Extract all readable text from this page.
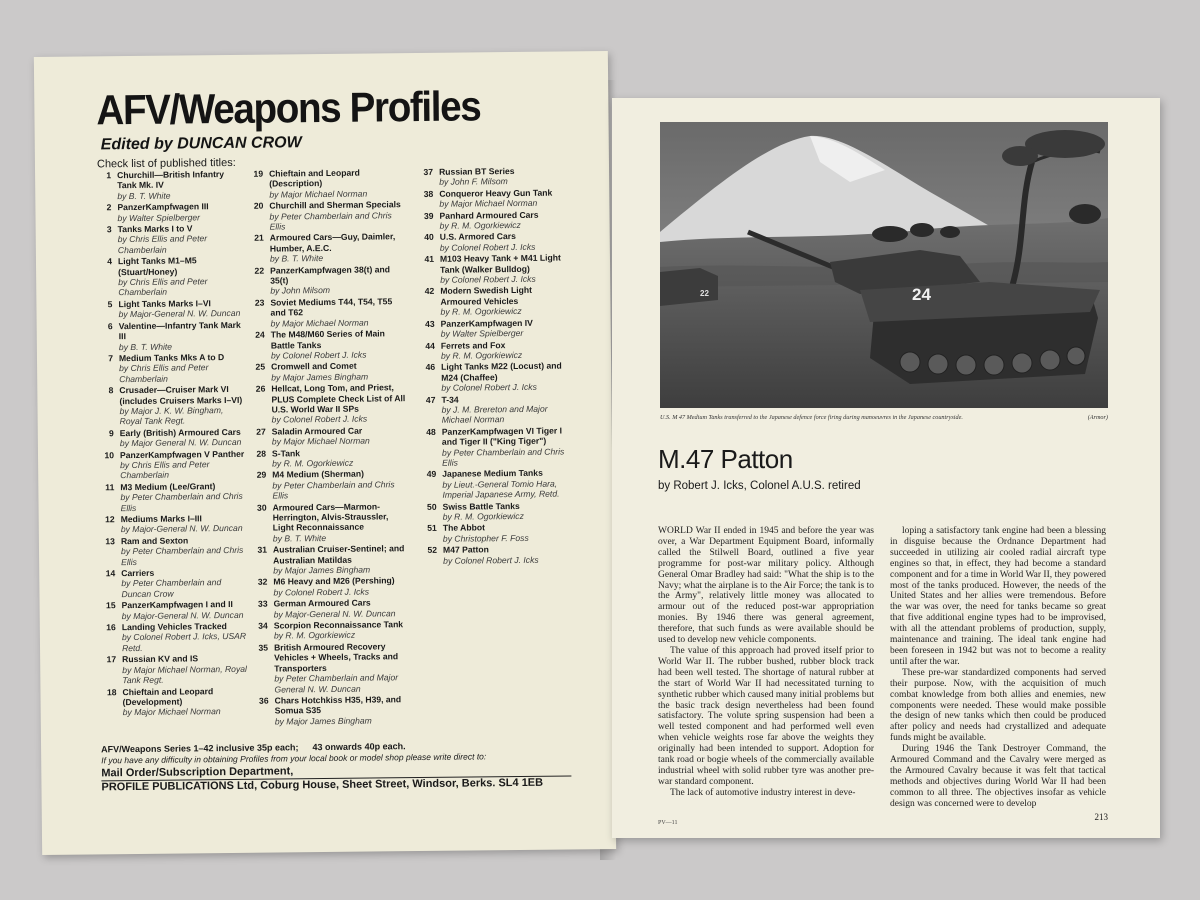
AFV/Weapons Profiles
Edited by DUNCAN CROW
Check list of published titles:
1 Churchill—British Infantry Tank Mk. IV
by B. T. White
2 PanzerKampfwagen III
by Walter Spielberger
3 Tanks Marks I to V
by Chris Ellis and Peter Chamberlain
4 Light Tanks M1–M5 (Stuart/Honey)
by Chris Ellis and Peter Chamberlain
5 Light Tanks Marks I–VI
by Major-General N. W. Duncan
6 Valentine—Infantry Tank Mark III
by B. T. White
7 Medium Tanks Mks A to D
by Chris Ellis and Peter Chamberlain
8 Crusader—Cruiser Mark VI (includes Cruisers Marks I–VI)
by Major J. K. W. Bingham, Royal Tank Regt.
9 Early (British) Armoured Cars
by Major General N. W. Duncan
10 PanzerKampfwagen V Panther
by Chris Ellis and Peter Chamberlain
11 M3 Medium (Lee/Grant)
by Peter Chamberlain and Chris Ellis
12 Mediums Marks I–III
by Major-General N. W. Duncan
13 Ram and Sexton
by Peter Chamberlain and Chris Ellis
14 Carriers
by Peter Chamberlain and Duncan Crow
15 PanzerKampfwagen I and II
by Major-General N. W. Duncan
16 Landing Vehicles Tracked
by Colonel Robert J. Icks, USAR Retd.
17 Russian KV and IS
by Major Michael Norman, Royal Tank Regt.
18 Chieftain and Leopard (Development)
by Major Michael Norman
19 Chieftain and Leopard (Description)
by Major Michael Norman
20 Churchill and Sherman Specials
by Peter Chamberlain and Chris Ellis
21 Armoured Cars—Guy, Daimler, Humber, A.E.C.
by B. T. White
22 PanzerKampfwagen 38(t) and 35(t)
by John Milsom
23 Soviet Mediums T44, T54, T55 and T62
by Major Michael Norman
24 The M48/M60 Series of Main Battle Tanks
by Colonel Robert J. Icks
25 Cromwell and Comet
by Major James Bingham
26 Hellcat, Long Tom, and Priest, PLUS Complete Check List of All U.S. World War II SPs
by Colonel Robert J. Icks
27 Saladin Armoured Car
by Major Michael Norman
28 S-Tank
by R. M. Ogorkiewicz
29 M4 Medium (Sherman)
by Peter Chamberlain and Chris Ellis
30 Armoured Cars—Marmon-Herrington, Alvis-Straussler, Light Reconnaissance
by B. T. White
31 Australian Cruiser-Sentinel; and Australian Matildas
by Major James Bingham
32 M6 Heavy and M26 (Pershing)
by Colonel Robert J. Icks
33 German Armoured Cars
by Major-General N. W. Duncan
34 Scorpion Reconnaissance Tank
by R. M. Ogorkiewicz
35 British Armoured Recovery Vehicles + Wheels, Tracks and Transporters
by Peter Chamberlain and Major General N. W. Duncan
36 Chars Hotchkiss H35, H39, and Somua S35
by Major James Bingham
37 Russian BT Series
by John F. Milsom
38 Conqueror Heavy Gun Tank
by Major Michael Norman
39 Panhard Armoured Cars
by R. M. Ogorkiewicz
40 U.S. Armored Cars
by Colonel Robert J. Icks
41 M103 Heavy Tank + M41 Light Tank (Walker Bulldog)
by Colonel Robert J. Icks
42 Modern Swedish Light Armoured Vehicles
by R. M. Ogorkiewicz
43 PanzerKampfwagen IV
by Walter Spielberger
44 Ferrets and Fox
by R. M. Ogorkiewicz
46 Light Tanks M22 (Locust) and M24 (Chaffee)
by Colonel Robert J. Icks
47 T-34
by J. M. Brereton and Major Michael Norman
48 PanzerKampfwagen VI Tiger I and Tiger II ("King Tiger")
by Peter Chamberlain and Chris Ellis
49 Japanese Medium Tanks
by Lieut.-General Tomio Hara, Imperial Japanese Army, Retd.
50 Swiss Battle Tanks
by R. M. Ogorkiewicz
51 The Abbot
by Christopher F. Foss
52 M47 Patton
by Colonel Robert J. Icks
AFV/Weapons Series 1–42 inclusive 35p each; 43 onwards 40p each.
If you have any difficulty in obtaining Profiles from your local book or model shop please write direct to:
Mail Order/Subscription Department,
PROFILE PUBLICATIONS Ltd, Coburg House, Sheet Street, Windsor, Berks. SL4 1EB
24
22
U.S. M 47 Medium Tanks transferred to the Japanese defence force firing during manoeuvres in the Japanese countryside.	(Armor)
M.47 Patton
by Robert J. Icks, Colonel A.U.S. retired

WORLD War II ended in 1945 and before the year was over, a War Department Equipment Board, informally called the Stilwell Board, outlined a five year programme for post-war military policy. Although General Omar Bradley had said: "What the ship is to the Navy; what the airplane is to the Air Force; the tank is to the Army", relatively little money was allocated to armour out of the reduced post-war appropriation monies. By 1946 there was general agreement, therefore, that such funds as were available should be used to develop new vehicle components.

The value of this approach had proved itself prior to World War II. The rubber bushed, rubber block track had been well tested. The shortage of natural rubber at the start of World War II had necessitated turning to synthetic rubber which caused many initial problems but the basic track design nevertheless had been found satisfactory. The volute spring suspension had been a well tested component and had performed well even when vehicle weights rose far above the weights they originally had been intended to support. Adoption for tank road or bogie wheels of the commercially available industrial wheel with solid rubber tyre was another pre-war standard component.

The lack of automotive industry interest in deve-

loping a satisfactory tank engine had been a blessing in disguise because the Ordnance Department had succeeded in utilizing air cooled radial aircraft type engines so that, in effect, they had become a standard component and for a time in World War II, they powered most of the tanks produced. However, the needs of the United States and her allies were tremendous. Before the war was over, the need for tanks became so great that five additional engine types had to be improvised, with all the attendant problems of production, supply, maintenance and training. The ideal tank engine had been foreseen in 1942 but was not to become a reality until after the war.

These pre-war standardized components had served their purpose. Now, with the acquisition of much combat knowledge from both allies and enemies, new components were needed. These would make possible the design of new tanks which then could be produced after policy and needs had crystallized and adequate funds might be available.

During 1946 the Tank Destroyer Command, the Armoured Command and the Cavalry were merged as the Armoured Cavalry because it was felt that tactical methods and objectives during World War II had been common to all three. The objectives insofar as vehicle design was concerned were to develop

PV—11
213
